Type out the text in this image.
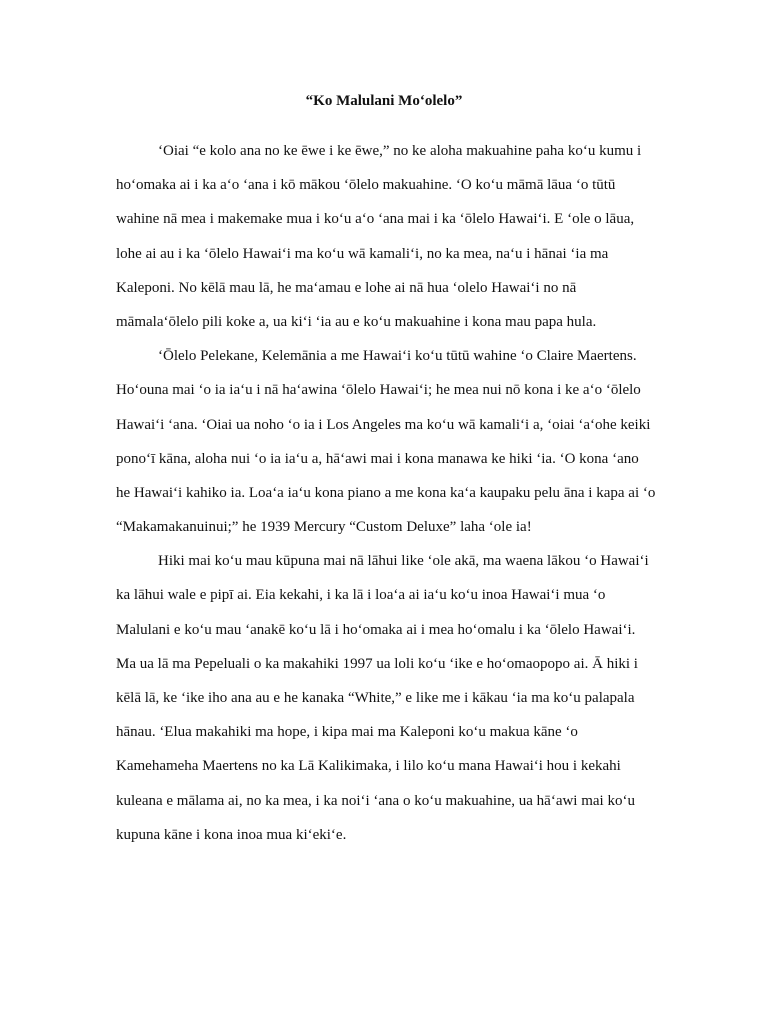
“Ko Malulani Mo‘olelo”
‘Oiai “e kolo ana no ke ēwe i ke ēwe,” no ke aloha makuahine paha ko‘u kumu i
ho‘omaka ai i ka a‘o ‘ana i kō mākou ‘ōlelo makuahine. ‘O ko‘u māmā lāua ‘o tūtū
wahine nā mea i makemake mua i ko‘u a‘o ‘ana mai i ka ‘ōlelo Hawai‘i. E ‘ole o lāua,
lohe ai au i ka ‘ōlelo Hawai‘i ma ko‘u wā kamali‘i, no ka mea, na‘u i hānai ‘ia ma
Kaleponi. No kēlā mau lā, he ma‘amau e lohe ai nā hua ‘olelo Hawai‘i no nā
māmala‘ōlelo pili koke a, ua ki‘i ‘ia au e ko‘u makuahine i kona mau papa hula.
‘Ōlelo Pelekane, Kelemānia a me Hawai‘i ko‘u tūtū wahine ‘o Claire Maertens.
Ho‘ouna mai ‘o ia ia‘u i nā ha‘awina ‘ōlelo Hawai‘i; he mea nui nō kona i ke a‘o ‘ōlelo
Hawai‘i ‘ana. ‘Oiai ua noho ‘o ia i Los Angeles ma ko‘u wā kamali‘i a, ‘oiai ‘a‘ohe keiki
pono‘ī kāna, aloha nui ‘o ia ia‘u a, hā‘awi mai i kona manawa ke hiki ‘ia. ‘O kona ‘ano
he Hawai‘i kahiko ia. Loa‘a ia‘u kona piano a me kona ka‘a kaupaku pelu āna i kapa ai ‘o
“Makamakanuinui;” he 1939 Mercury “Custom Deluxe” laha ‘ole ia!
Hiki mai ko‘u mau kūpuna mai nā lāhui like ‘ole akā, ma waena lākou ‘o Hawai‘i
ka lāhui wale e pipī ai. Eia kekahi, i ka lā i loa‘a ai ia‘u ko‘u inoa Hawai‘i mua ‘o
Malulani e ko‘u mau ‘anakē ko‘u lā i ho‘omaka ai i mea ho‘omalu i ka ‘ōlelo Hawai‘i.
Ma ua lā ma Pepeluali o ka makahiki 1997 ua loli ko‘u ‘ike e ho‘omaopopo ai. Ā hiki i
kēlā lā, ke ‘ike iho ana au e he kanaka “White,” e like me i kākau ‘ia ma ko‘u palapala
hānau. ‘Elua makahiki ma hope, i kipa mai ma Kaleponi ko‘u makua kāne ‘o
Kamehameha Maertens no ka Lā Kalikimaka, i lilo ko‘u mana Hawai‘i hou i kekahi
kuleana e mālama ai, no ka mea, i ka noi‘i ‘ana o ko‘u makuahine, ua hā‘awi mai ko‘u
kupuna kāne i kona inoa mua ki‘eki‘e.
